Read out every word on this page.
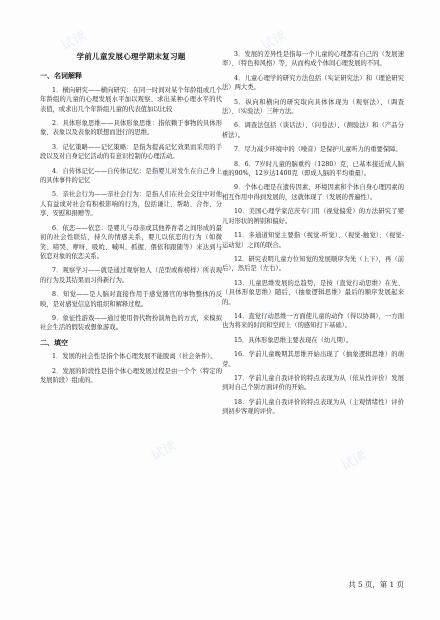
学前儿童发展心理学期末复习题
一、名词解释
1．横向研究——横向研究：在同一时间对某个年龄组或几个年龄组的儿童的心理发展水平加以观察、求出某种心理水平的代表值，或求出几个年龄组儿童的代表值加以比较
2．具体形象思维——具体形象思维：指依赖于事物的具体形象、表象以及表象的联想而进行的思维。
3．记忆策略——记忆策略：是指为提高记忆效果而采用的手段以及对自身记忆活动的有意识控制的心理活动。
4．自传体记忆——自传体记忆：是指婴儿对发生在自己身上的具体事件的记忆
5．亲社会行为——亲社会行为：是指人们在社会交往中对他人有益或对社会有积极影响的行为，包括谦让、帮助、合作、分享、安慰和捐赠等。
6．依恋——依恋：是婴儿与母亲或其他养育者之间形成的最初的社会性联结，持久的情感关系，婴儿以依恋的行为（如微笑、啼哭、咿呀、吸吮、喊叫、抓握、偎依和跟随等）来达到与依恋对象的依恋关系。
7．观察学习——就是通过观察他人（范型或称榜样）所表现的行为及其结果而习得新行为。
8．知觉——是人脑对直接作用于感觉器官的事物整体的反映，是对感觉信息的组织和解释过程。
9．象征性游戏——通过使用替代物扮演角色的方式，来模拟社会生活的假装或想象游戏。
二、填空
1．发展的社会性是指个体心理发展不能脱离（社会条件）。
2．发展的阶段性是指个体心理发展过程是由一个个（特定的发展阶段）组成的。
3．发展的差异性是指每一个儿童的心理都有自己的（发展速率）、（特色和风格）等，从而构成个体间心理发展的不同。
4．儿童心理学的研究方法包括（实证研究法）和（理论研究法）两大类。
5．纵向和横向的研究取向具体体现为（观察法）、（调查法）、（实验法）三种方法。
6．调查法包括（谈话法）、（问卷法）、（测验法）和（产品分析法）。
7．尽力减少环境中的（噪音）是保护儿童听力的重要保障。
8．6．7岁时儿童的脑重约（1280）克，已基本接近成人脑重的90%，12岁达1400克（即成人脑的平均重量）。
9．个体心理是在遗传因素、环境因素和个体自身心理因素的相互作用中得到发展的，这就体现了（发展的普遍性）。
10．美国心理学家范茨专门用（视觉偏爱）的方法研究了婴儿对形状的辨别和偏好。
11．多通道知觉主要指（视觉-听觉）、（视觉-触觉）、（视觉-运动觉）之间的联合。
12．研究表明儿童方位知觉的发展顺序为先（上下），再（前后），然后是（左右）。
13．儿童思维发展的总趋势，是按（直觉行动思维）在先、（具体形象思维）随后、（抽象逻辑思维）最后的顺序发展起来的。
14．直觉行动思维一方面使儿童的动作（得以协调），一方面也为将来的时间和空间上（的感知打下基础）。
15．具体形象思维主要表现在（幼儿期）。
16．学前儿童晚期其思维开始出现了（抽象逻辑思维）的萌芽。
17．学前儿童自我评价的特点表现为从（依从性评价）发展到对自己个别方面评价的开始。
18．学前儿童自我评价的特点表现为从（主观情绪性）评价到初步客观的评价。
共 5 页，第 1 页
试读	试读
试读	试读
试读	试读
试读	试读
